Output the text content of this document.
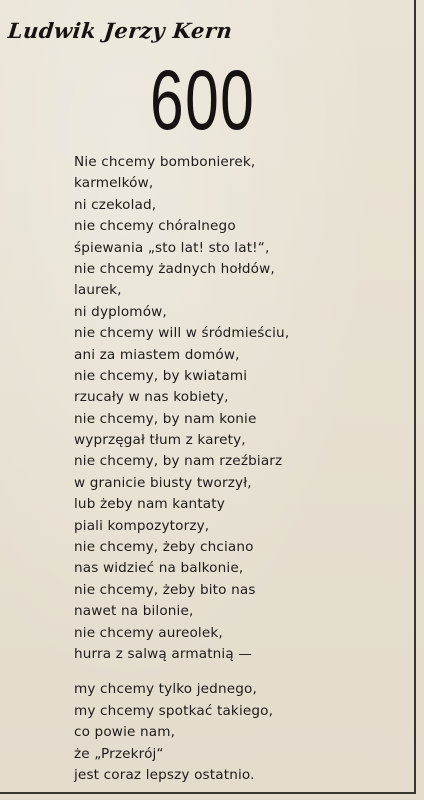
Ludwik Jerzy Kern
600
Nie chcemy bombonierek,
karmelków,
ni czekolad,
nie chcemy chóralnego
śpiewania „sto lat! sto lat!“,
nie chcemy żadnych hołdów,
laurek,
ni dyplomów,
nie chcemy will w śródmieściu,
ani za miastem domów,
nie chcemy, by kwiatami
rzucały w nas kobiety,
nie chcemy, by nam konie
wyprzęgał tłum z karety,
nie chcemy, by nam rzeźbiarz
w granicie biusty tworzył,
lub żeby nam kantaty
piali kompozytorzy,
nie chcemy, żeby chciano
nas widzieć na balkonie,
nie chcemy, żeby bito nas
nawet na bilonie,
nie chcemy aureolek,
hurra z salwą armatnią —
my chcemy tylko jednego,
my chcemy spotkać takiego,
co powie nam,
że „Przekrój“
jest coraz lepszy ostatnio.
